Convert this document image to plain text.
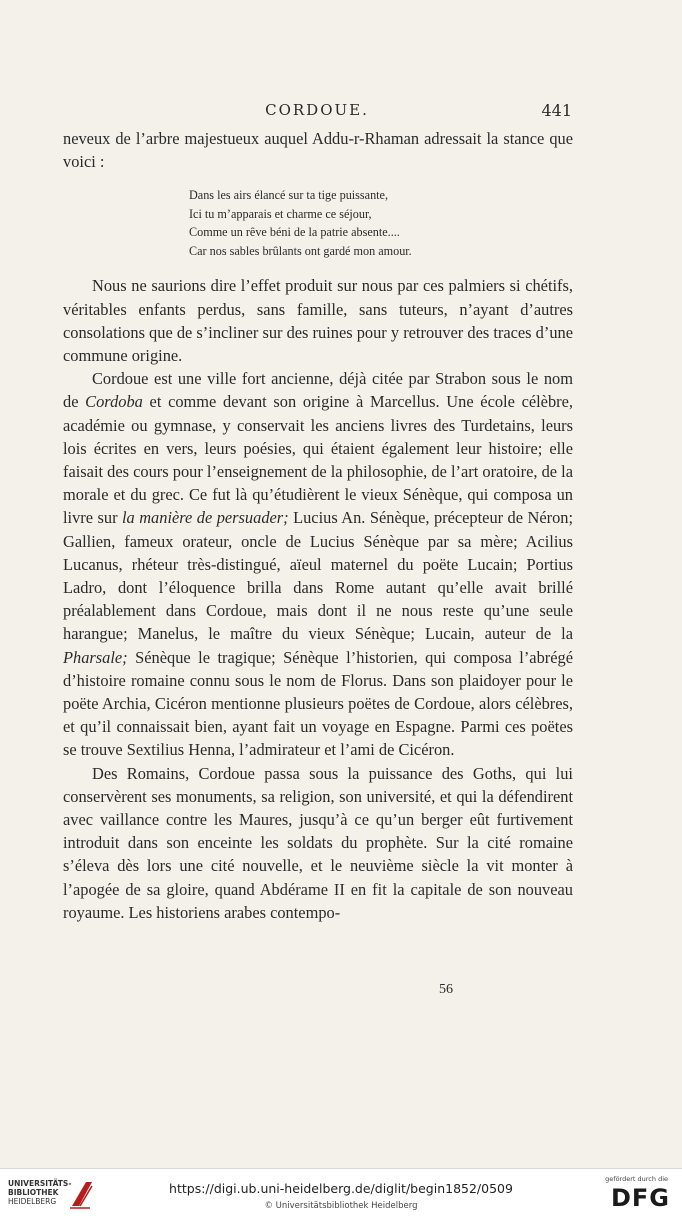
CORDOUE.	441

neveux de l’arbre majestueux auquel Addu-r-Rhaman adressait la stance que voici :

Dans les airs élancé sur ta tige puissante,
Ici tu m’apparais et charme ce séjour,
Comme un rêve béni de la patrie absente....
Car nos sables brûlants ont gardé mon amour.

Nous ne saurions dire l’effet produit sur nous par ces palmiers si chétifs, véritables enfants perdus, sans famille, sans tuteurs, n’ayant d’autres consolations que de s’incliner sur des ruines pour y retrouver des traces d’une commune origine.

Cordoue est une ville fort ancienne, déjà citée par Strabon sous le nom de Cordoba et comme devant son origine à Marcellus. Une école célèbre, académie ou gymnase, y conservait les anciens livres des Turdetains, leurs lois écrites en vers, leurs poésies, qui étaient également leur histoire; elle faisait des cours pour l’enseignement de la philosophie, de l’art oratoire, de la morale et du grec. Ce fut là qu’étudièrent le vieux Sénèque, qui composa un livre sur la manière de persuader; Lucius An. Sénèque, précepteur de Néron; Gallien, fameux orateur, oncle de Lucius Sénèque par sa mère; Acilius Lucanus, rhéteur très-distingué, aïeul maternel du poëte Lucain; Portius Ladro, dont l’éloquence brilla dans Rome autant qu’elle avait brillé préalablement dans Cordoue, mais dont il ne nous reste qu’une seule harangue; Manelus, le maître du vieux Sénèque; Lucain, auteur de la Pharsale; Sénèque le tragique; Sénèque l’historien, qui composa l’abrégé d’histoire romaine connu sous le nom de Florus. Dans son plaidoyer pour le poëte Archia, Cicéron mentionne plusieurs poëtes de Cordoue, alors célèbres, et qu’il connaissait bien, ayant fait un voyage en Espagne. Parmi ces poëtes se trouve Sextilius Henna, l’admirateur et l’ami de Cicéron.

Des Romains, Cordoue passa sous la puissance des Goths, qui lui conservèrent ses monuments, sa religion, son université, et qui la défendirent avec vaillance contre les Maures, jusqu’à ce qu’un berger eût furtivement introduit dans son enceinte les soldats du prophète. Sur la cité romaine s’éleva dès lors une cité nouvelle, et le neuvième siècle la vit monter à l’apogée de sa gloire, quand Abdérame II en fit la capitale de son nouveau royaume. Les historiens arabes contempo-

56
UNIVERSITÄTS-
BIBLIOTHEK
HEIDELBERG
https://digi.ub.uni-heidelberg.de/diglit/begin1852/0509
© Universitätsbibliothek Heidelberg
gefördert durch die
DFG
